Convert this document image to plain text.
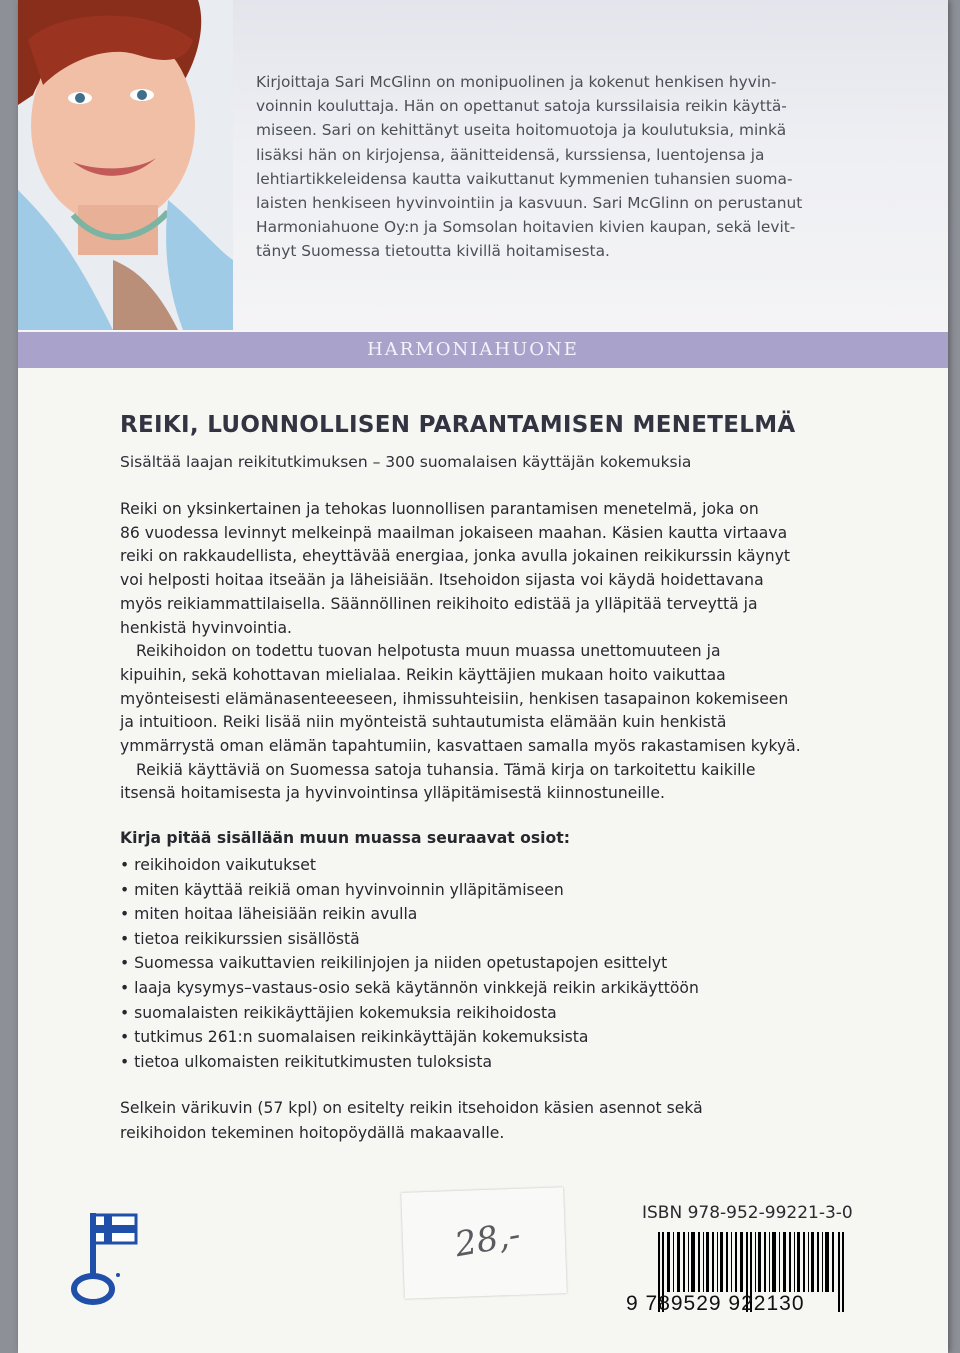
Kirjoittaja Sari McGlinn on monipuolinen ja kokenut henkisen hyvin-
voinnin kouluttaja. Hän on opettanut satoja kurssilaisia reikin käyttä-
miseen. Sari on kehittänyt useita hoitomuotoja ja koulutuksia, minkä
lisäksi hän on kirjojensa, äänitteidensä, kurssiensa, luentojensa ja
lehtiartikkeleidensa kautta vaikuttanut kymmenien tuhansien suoma-
laisten henkiseen hyvinvointiin ja kasvuun. Sari McGlinn on perustanut
Harmoniahuone Oy:n ja Somsolan hoitavien kivien kaupan, sekä levit-
tänyt Suomessa tietoutta kivillä hoitamisesta.
HARMONIAHUONE
REIKI, LUONNOLLISEN PARANTAMISEN MENETELMÄ

Sisältää laajan reikitutkimuksen – 300 suomalaisen käyttäjän kokemuksia

Reiki on yksinkertainen ja tehokas luonnollisen parantamisen menetelmä, joka on

86 vuodessa levinnyt melkeinpä maailman jokaiseen maahan. Käsien kautta virtaava

reiki on rakkaudellista, eheyttävää energiaa, jonka avulla jokainen reikikurssin käynyt

voi helposti hoitaa itseään ja läheisiään. Itsehoidon sijasta voi käydä hoidettavana

myös reikiammattilaisella. Säännöllinen reikihoito edistää ja ylläpitää terveyttä ja

henkistä hyvinvointia.

Reikihoidon on todettu tuovan helpotusta muun muassa unettomuuteen ja

kipuihin, sekä kohottavan mielialaa. Reikin käyttäjien mukaan hoito vaikuttaa

myönteisesti elämänasenteeeseen, ihmissuhteisiin, henkisen tasapainon kokemiseen

ja intuitioon. Reiki lisää niin myönteistä suhtautumista elämään kuin henkistä

ymmärrystä oman elämän tapahtumiin, kasvattaen samalla myös rakastamisen kykyä.

Reikiä käyttäviä on Suomessa satoja tuhansia. Tämä kirja on tarkoitettu kaikille

itsensä hoitamisesta ja hyvinvointinsa ylläpitämisestä kiinnostuneille.

Kirja pitää sisällään muun muassa seuraavat osiot:

• reikihoidon vaikutukset
• miten käyttää reikiä oman hyvinvoinnin ylläpitämiseen
• miten hoitaa läheisiään reikin avulla
• tietoa reikikurssien sisällöstä
• Suomessa vaikuttavien reikilinjojen ja niiden opetustapojen esittelyt
• laaja kysymys–vastaus-osio sekä käytännön vinkkejä reikin arkikäyttöön
• suomalaisten reikikäyttäjien kokemuksia reikihoidosta
• tutkimus 261:n suomalaisen reikinkäyttäjän kokemuksista
• tietoa ulkomaisten reikitutkimusten tuloksista
Selkein värikuvin (57 kpl) on esitelty reikin itsehoidon käsien asennot sekä
reikihoidon tekeminen hoitopöydällä makaavalle.
28,-

ISBN 978-952-99221-3-0

9 789529 922130
